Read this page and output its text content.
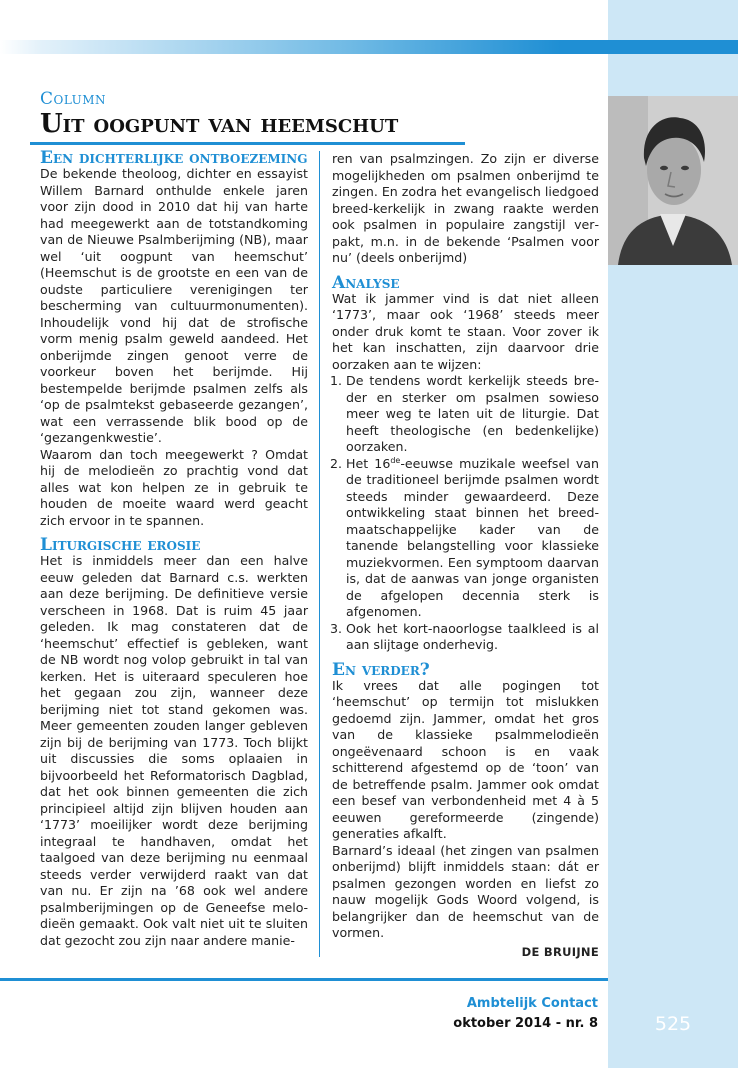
Column
Uit oogpunt van heemschut
Een dichterlijke ontboezeming

De bekende theoloog, dichter en essayist Willem Barnard onthulde enkele jaren voor zijn dood in 2010 dat hij van harte had meegewerkt aan de totstandkoming van de Nieuwe Psalmberijming (NB), maar wel ‘uit oogpunt van heemschut’ (Heemschut is de grootste en een van de oudste particuliere verenigingen ter bescherming van cultuurmonumenten). Inhoudelijk vond hij dat de strofische vorm menig psalm geweld aandeed. Het onberijmde zingen genoot verre de voorkeur boven het berijmde. Hij bestempelde berijmde psalmen zelfs als ‘op de psalmtekst gebaseerde gezangen’, wat een verrassende blik bood op de ‘gezangenkwestie’.

Waarom dan toch meegewerkt ? Omdat hij de melodieën zo prachtig vond dat alles wat kon helpen ze in gebruik te houden de moeite waard werd geacht zich ervoor in te spannen.

Liturgische erosie

Het is inmiddels meer dan een halve eeuw geleden dat Barnard c.s. werkten aan deze berijming. De definitieve versie verscheen in 1968. Dat is ruim 45 jaar geleden. Ik mag constateren dat de ‘heemschut’ effectief is gebleken, want de NB wordt nog volop gebruikt in tal van kerken. Het is uiteraard speculeren hoe het gegaan zou zijn, wanneer deze berijming niet tot stand gekomen was. Meer gemeenten zouden langer gebleven zijn bij de berijming van 1773. Toch blijkt uit discussies die soms oplaaien in bijvoorbeeld het Reformatorisch Dagblad, dat het ook binnen gemeenten die zich principieel altijd zijn blijven houden aan ‘1773’ moeilijker wordt deze berijming integraal te handhaven, omdat het taalgoed van deze berijming nu eenmaal steeds verder verwijderd raakt van dat van nu. Er zijn na ’68 ook wel andere psalmberijmingen op de Geneefse melodieën gemaakt. Ook valt niet uit te sluiten dat gezocht zou zijn naar andere manie-

ren van psalmzingen. Zo zijn er diverse mogelijkheden om psalmen onberijmd te zingen. En zodra het evangelisch liedgoed breed-kerkelijk in zwang raakte werden ook psalmen in populaire zangstijl verpakt, m.n. in de bekende ‘Psalmen voor nu’ (deels onberijmd)

Analyse

Wat ik jammer vind is dat niet alleen ‘1773’, maar ook ‘1968’ steeds meer onder druk komt te staan. Voor zover ik het kan inschatten, zijn daarvoor drie oorzaken aan te wijzen:

1. De tendens wordt kerkelijk steeds breder en sterker om psalmen sowieso meer weg te laten uit de liturgie. Dat heeft theologische (en bedenkelijke) oorzaken.
2. Het 16de-eeuwse muzikale weefsel van de traditioneel berijmde psalmen wordt steeds minder gewaardeerd. Deze ontwikkeling staat binnen het breedmaatschappelijke kader van de tanende belangstelling voor klassieke muziekvormen. Een symptoom daarvan is, dat de aanwas van jonge organisten de afgelopen decennia sterk is afgenomen.
3. Ook het kort-naoorlogse taalkleed is al aan slijtage onderhevig.
En verder?

Ik vrees dat alle pogingen tot ‘heemschut’ op termijn tot mislukken gedoemd zijn. Jammer, omdat het gros van de klassieke psalmmelodieën ongeëvenaard schoon is en vaak schitterend afgestemd op de ‘toon’ van de betreffende psalm. Jammer ook omdat een besef van verbondenheid met 4 à 5 eeuwen gereformeerde (zingende) generaties afkalft.

Barnard’s ideaal (het zingen van psalmen onberijmd) blijft inmiddels staan: dát er psalmen gezongen worden en liefst zo nauw mogelijk Gods Woord volgend, is belangrijker dan de heemschut van de vormen.

DE BRUIJNE
Ambtelijk Contact
oktober 2014 - nr. 8	525
